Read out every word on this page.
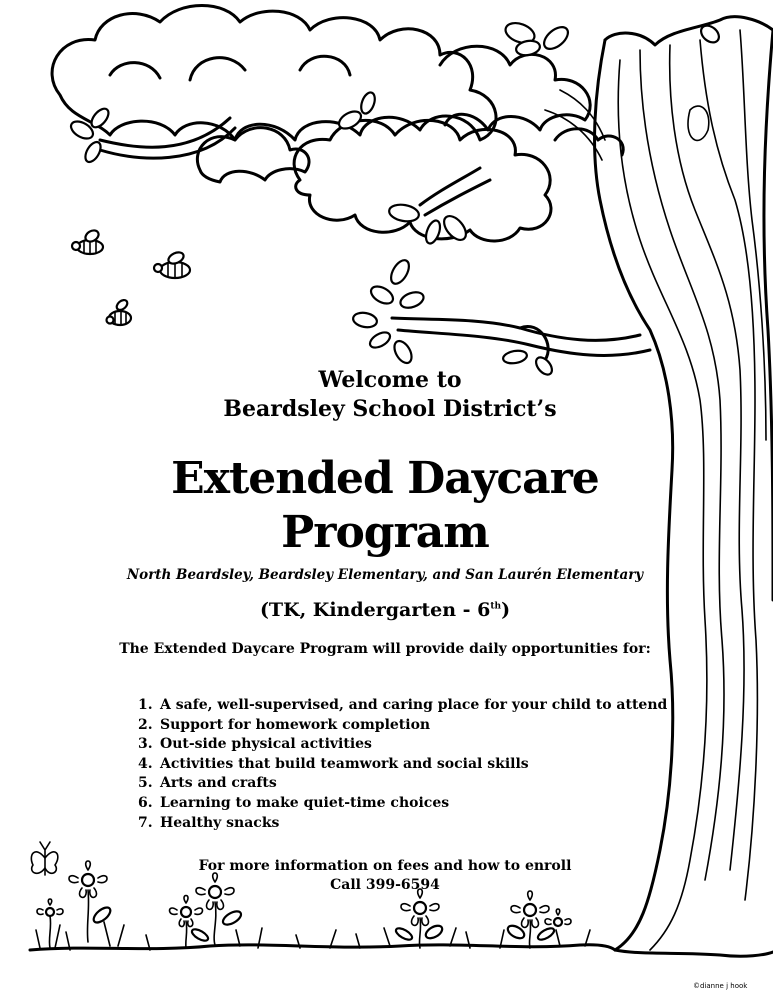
Welcome to
Beardsley School District’s
Extended Daycare
Program
North Beardsley, Beardsley Elementary, and San Laurén Elementary
(TK, Kindergarten - 6th)
The Extended Daycare Program will provide daily opportunities for:
1. A safe, well-supervised, and caring place for your child to attend
2. Support for homework completion
3. Out-side physical activities
4. Activities that build teamwork and social skills
5. Arts and crafts
6. Learning to make quiet-time choices
7. Healthy snacks
For more information on fees and how to enroll
Call 399-6594
©dianne j hook
